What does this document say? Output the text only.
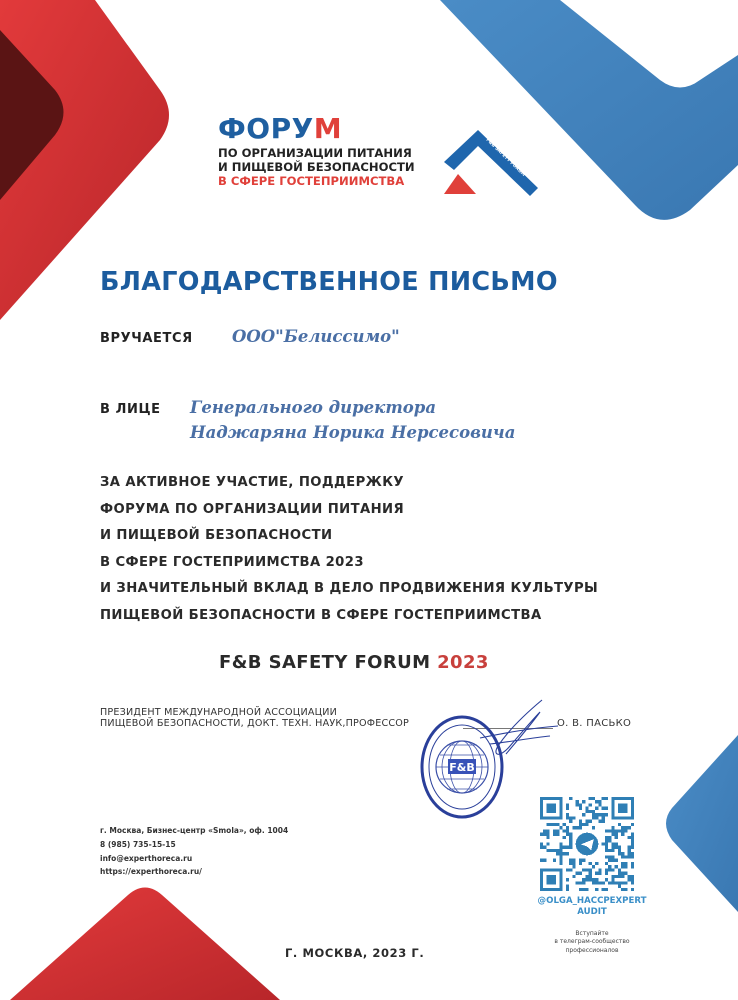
ФОРУМ
ПО ОРГАНИЗАЦИИ ПИТАНИЯ
И ПИЩЕВОЙ БЕЗОПАСНОСТИ
В СФЕРЕ ГОСТЕПРИИМСТВА
F&B SAFETY FORUM
БЛАГОДАРСТВЕННОЕ ПИСЬМО
ВРУЧАЕТСЯ ООО"Белиссимо"
В ЛИЦЕ Генерального директора
Наджаряна Норика Нерсесовича
ЗА АКТИВНОЕ УЧАСТИЕ, ПОДДЕРЖКУ
ФОРУМА ПО ОРГАНИЗАЦИИ ПИТАНИЯ
И ПИЩЕВОЙ БЕЗОПАСНОСТИ
В СФЕРЕ ГОСТЕПРИИМСТВА 2023
И ЗНАЧИТЕЛЬНЫЙ ВКЛАД В ДЕЛО ПРОДВИЖЕНИЯ КУЛЬТУРЫ
ПИЩЕВОЙ БЕЗОПАСНОСТИ В СФЕРЕ ГОСТЕПРИИМСТВА
F&B SAFETY FORUM 2023
ПРЕЗИДЕНТ МЕЖДУНАРОДНОЙ АССОЦИАЦИИ
ПИЩЕВОЙ БЕЗОПАСНОСТИ, ДОКТ. ТЕХН. НАУК,ПРОФЕССОР	О. В. ПАСЬКО
F&B
г. Москва, Бизнес-центр «Smola», оф. 1004
8 (985) 735-15-15
info@experthoreca.ru
https://experthoreca.ru/
@OLGA_HACCPEXPERT
AUDIT
Вступайте
в телеграм-сообщество
профессионалов
Г. МОСКВА, 2023 Г.
